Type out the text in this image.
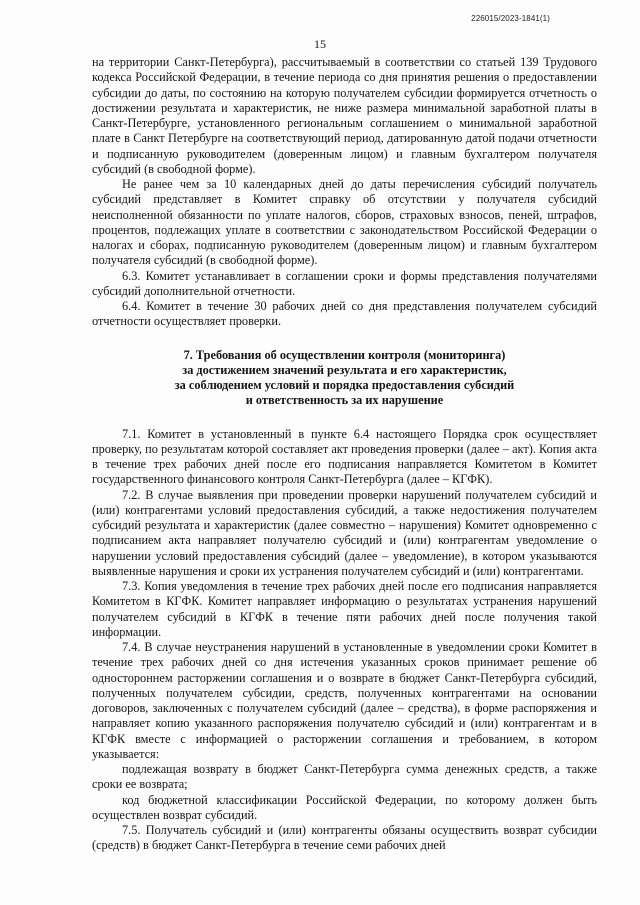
226015/2023-1841(1)
15

на территории Санкт-Петербурга), рассчитываемый в соответствии со статьей 139 Трудового кодекса Российской Федерации, в течение периода со дня принятия решения о предоставлении субсидии до даты, по состоянию на которую получателем субсидии формируется отчетность о достижении результата и характеристик, не ниже размера минимальной заработной платы в Санкт-Петербурге, установленного региональным соглашением о минимальной заработной плате в Санкт Петербурге на соответствующий период, датированную датой подачи отчетности и подписанную руководителем (доверенным лицом) и главным бухгалтером получателя субсидий (в свободной форме).

Не ранее чем за 10 календарных дней до даты перечисления субсидий получатель субсидий представляет в Комитет справку об отсутствии у получателя субсидий неисполненной обязанности по уплате налогов, сборов, страховых взносов, пеней, штрафов, процентов, подлежащих уплате в соответствии с законодательством Российской Федерации о налогах и сборах, подписанную руководителем (доверенным лицом) и главным бухгалтером получателя субсидий (в свободной форме).

6.3. Комитет устанавливает в соглашении сроки и формы представления получателями субсидий дополнительной отчетности.

6.4. Комитет в течение 30 рабочих дней со дня представления получателем субсидий отчетности осуществляет проверки.

7. Требования об осуществлении контроля (мониторинга)
за достижением значений результата и его характеристик,
за соблюдением условий и порядка предоставления субсидий
и ответственность за их нарушение

7.1. Комитет в установленный в пункте 6.4 настоящего Порядка срок осуществляет проверку, по результатам которой составляет акт проведения проверки (далее – акт). Копия акта в течение трех рабочих дней после его подписания направляется Комитетом в Комитет государственного финансового контроля Санкт-Петербурга (далее – КГФК).

7.2. В случае выявления при проведении проверки нарушений получателем субсидий и (или) контрагентами условий предоставления субсидий, а также недостижения получателем субсидий результата и характеристик (далее совместно – нарушения) Комитет одновременно с подписанием акта направляет получателю субсидий и (или) контрагентам уведомление о нарушении условий предоставления субсидий (далее – уведомление), в котором указываются выявленные нарушения и сроки их устранения получателем субсидий и (или) контрагентами.

7.3. Копия уведомления в течение трех рабочих дней после его подписания направляется Комитетом в КГФК. Комитет направляет информацию о результатах устранения нарушений получателем субсидий в КГФК в течение пяти рабочих дней после получения такой информации.

7.4. В случае неустранения нарушений в установленные в уведомлении сроки Комитет в течение трех рабочих дней со дня истечения указанных сроков принимает решение об одностороннем расторжении соглашения и о возврате в бюджет Санкт-Петербурга субсидий, полученных получателем субсидии, средств, полученных контрагентами на основании договоров, заключенных с получателем субсидий (далее – средства), в форме распоряжения и направляет копию указанного распоряжения получателю субсидий и (или) контрагентам и в КГФК вместе с информацией о расторжении соглашения и требованием, в котором указывается:

подлежащая возврату в бюджет Санкт-Петербурга сумма денежных средств, а также сроки ее возврата;

код бюджетной классификации Российской Федерации, по которому должен быть осуществлен возврат субсидий.

7.5. Получатель субсидий и (или) контрагенты обязаны осуществить возврат субсидии (средств) в бюджет Санкт-Петербурга в течение семи рабочих дней
